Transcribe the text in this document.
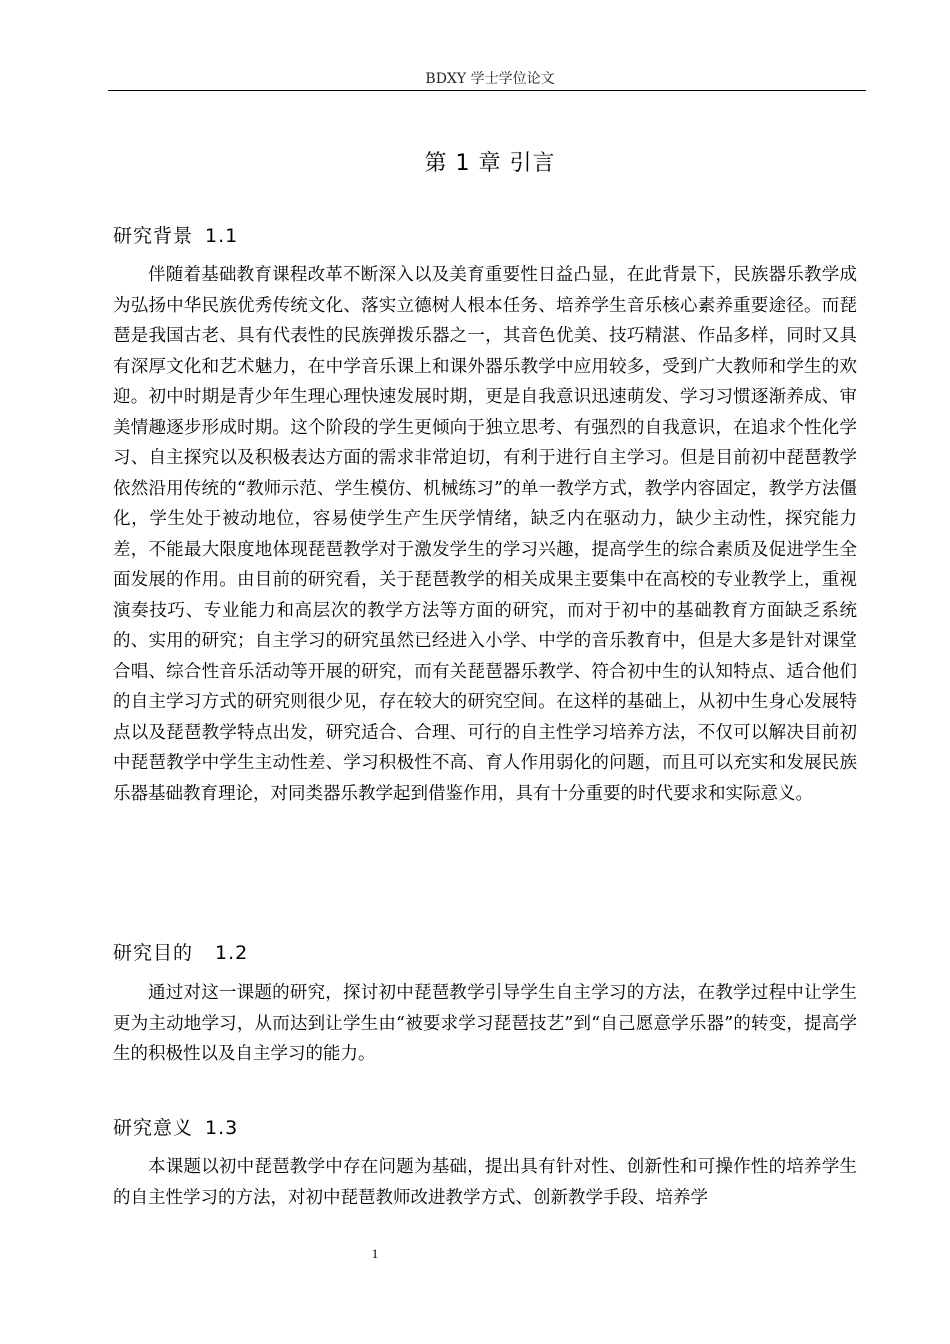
BDXY 学士学位论文
第 1 章 引言
研究背景 1.1

伴随着基础教育课程改革不断深入以及美育重要性日益凸显，在此背景下，民族器乐教学成为弘扬中华民族优秀传统文化、落实立德树人根本任务、培养学生音乐核心素养重要途径。而琵琶是我国古老、具有代表性的民族弹拨乐器之一，其音色优美、技巧精湛、作品多样，同时又具有深厚文化和艺术魅力，在中学音乐课上和课外器乐教学中应用较多，受到广大教师和学生的欢迎。初中时期是青少年生理心理快速发展时期，更是自我意识迅速萌发、学习习惯逐渐养成、审美情趣逐步形成时期。这个阶段的学生更倾向于独立思考、有强烈的自我意识，在追求个性化学习、自主探究以及积极表达方面的需求非常迫切，有利于进行自主学习。但是目前初中琵琶教学依然沿用传统的“教师示范、学生模仿、机械练习”的单一教学方式，教学内容固定，教学方法僵化，学生处于被动地位，容易使学生产生厌学情绪，缺乏内在驱动力，缺少主动性，探究能力差，不能最大限度地体现琵琶教学对于激发学生的学习兴趣，提高学生的综合素质及促进学生全面发展的作用。由目前的研究看，关于琵琶教学的相关成果主要集中在高校的专业教学上，重视演奏技巧、专业能力和高层次的教学方法等方面的研究，而对于初中的基础教育方面缺乏系统的、实用的研究；自主学习的研究虽然已经进入小学、中学的音乐教育中，但是大多是针对课堂合唱、综合性音乐活动等开展的研究，而有关琵琶器乐教学、符合初中生的认知特点、适合他们的自主学习方式的研究则很少见，存在较大的研究空间。在这样的基础上，从初中生身心发展特点以及琵琶教学特点出发，研究适合、合理、可行的自主性学习培养方法，不仅可以解决目前初中琵琶教学中学生主动性差、学习积极性不高、育人作用弱化的问题，而且可以充实和发展民族乐器基础教育理论，对同类器乐教学起到借鉴作用，具有十分重要的时代要求和实际意义。

研究目的 1.2

通过对这一课题的研究，探讨初中琵琶教学引导学生自主学习的方法，在教学过程中让学生更为主动地学习，从而达到让学生由“被要求学习琵琶技艺”到“自己愿意学乐器”的转变，提高学生的积极性以及自主学习的能力。

研究意义 1.3

本课题以初中琵琶教学中存在问题为基础，提出具有针对性、创新性和可操作性的培养学生的自主性学习的方法，对初中琵琶教师改进教学方式、创新教学手段、培养学

1
